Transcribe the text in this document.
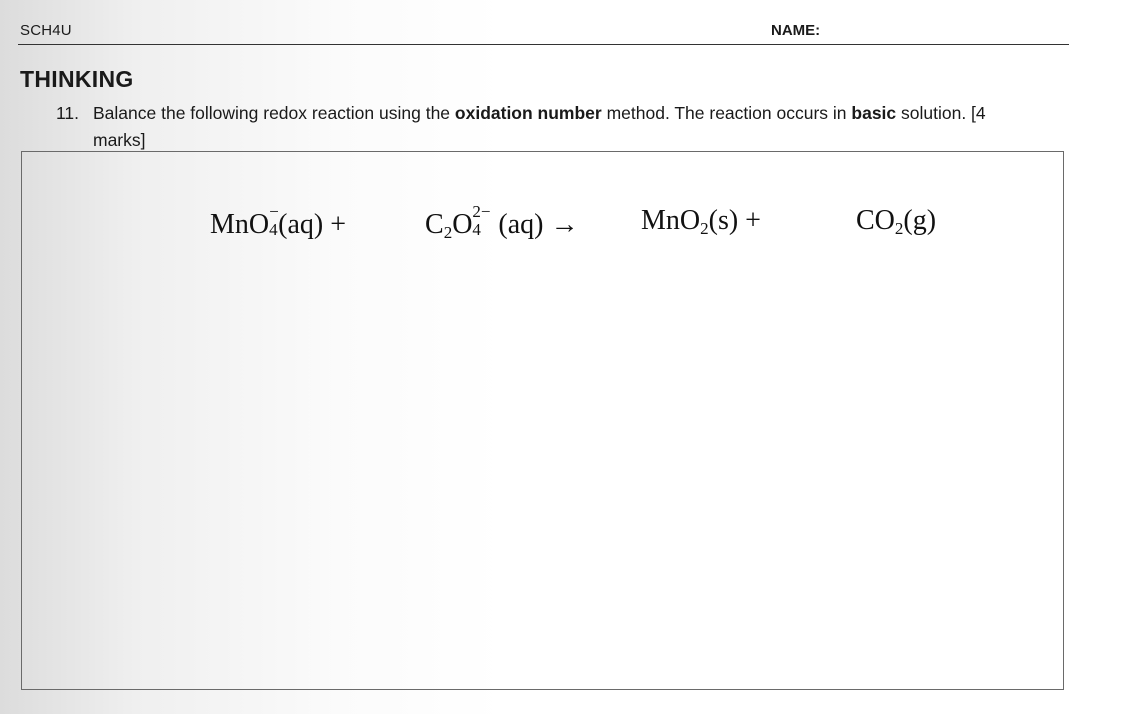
SCH4U	NAME:
THINKING
11. Balance the following redox reaction using the oxidation number method. The reaction occurs in basic solution. [4 marks]
MnO −
4 (aq) +	$C_2O$ 2−
4 (aq) → MnO$_2$(s) +	$CO_2(g)$
